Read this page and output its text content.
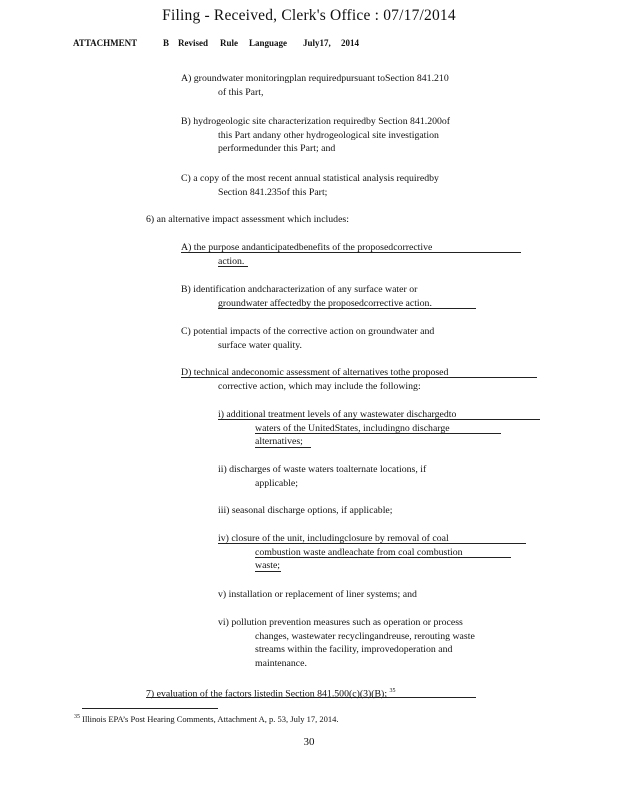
Filing - Received, Clerk's Office : 07/17/2014
ATTACHMENT	B Revised Rule Language July17, 2014
A) groundwater monitoringplan requiredpursuant toSection 841.210
of this Part,
B) hydrogeologic site characterization requiredby Section 841.200of
this Part andany other hydrogeological site investigation
performedunder this Part; and
C) a copy of the most recent annual statistical analysis requiredby
Section 841.235of this Part;
6) an alternative impact assessment which includes:
A) the purpose andanticipatedbenefits of the proposedcorrective
action.
B) identification andcharacterization of any surface water or
groundwater affectedby the proposedcorrective action.
C) potential impacts of the corrective action on groundwater and
surface water quality.
D) technical andeconomic assessment of alternatives tothe proposed
corrective action, which may include the following:
i) additional treatment levels of any wastewater dischargedto
waters of the UnitedStates, includingno discharge
alternatives;
ii) discharges of waste waters toalternate locations, if
applicable;
iii) seasonal discharge options, if applicable;
iv) closure of the unit, includingclosure by removal of coal
combustion waste andleachate from coal combustion
waste;
v) installation or replacement of liner systems; and
vi) pollution prevention measures such as operation or process
changes, wastewater recyclingandreuse, rerouting waste
streams within the facility, improvedoperation and
maintenance.
7) evaluation of the factors listedin Section 841.500(c)(3)(B); $^{35}$
$^{35}$ Illinois EPA’s Post Hearing Comments, Attachment A, p. 53, July 17, 2014.
30
